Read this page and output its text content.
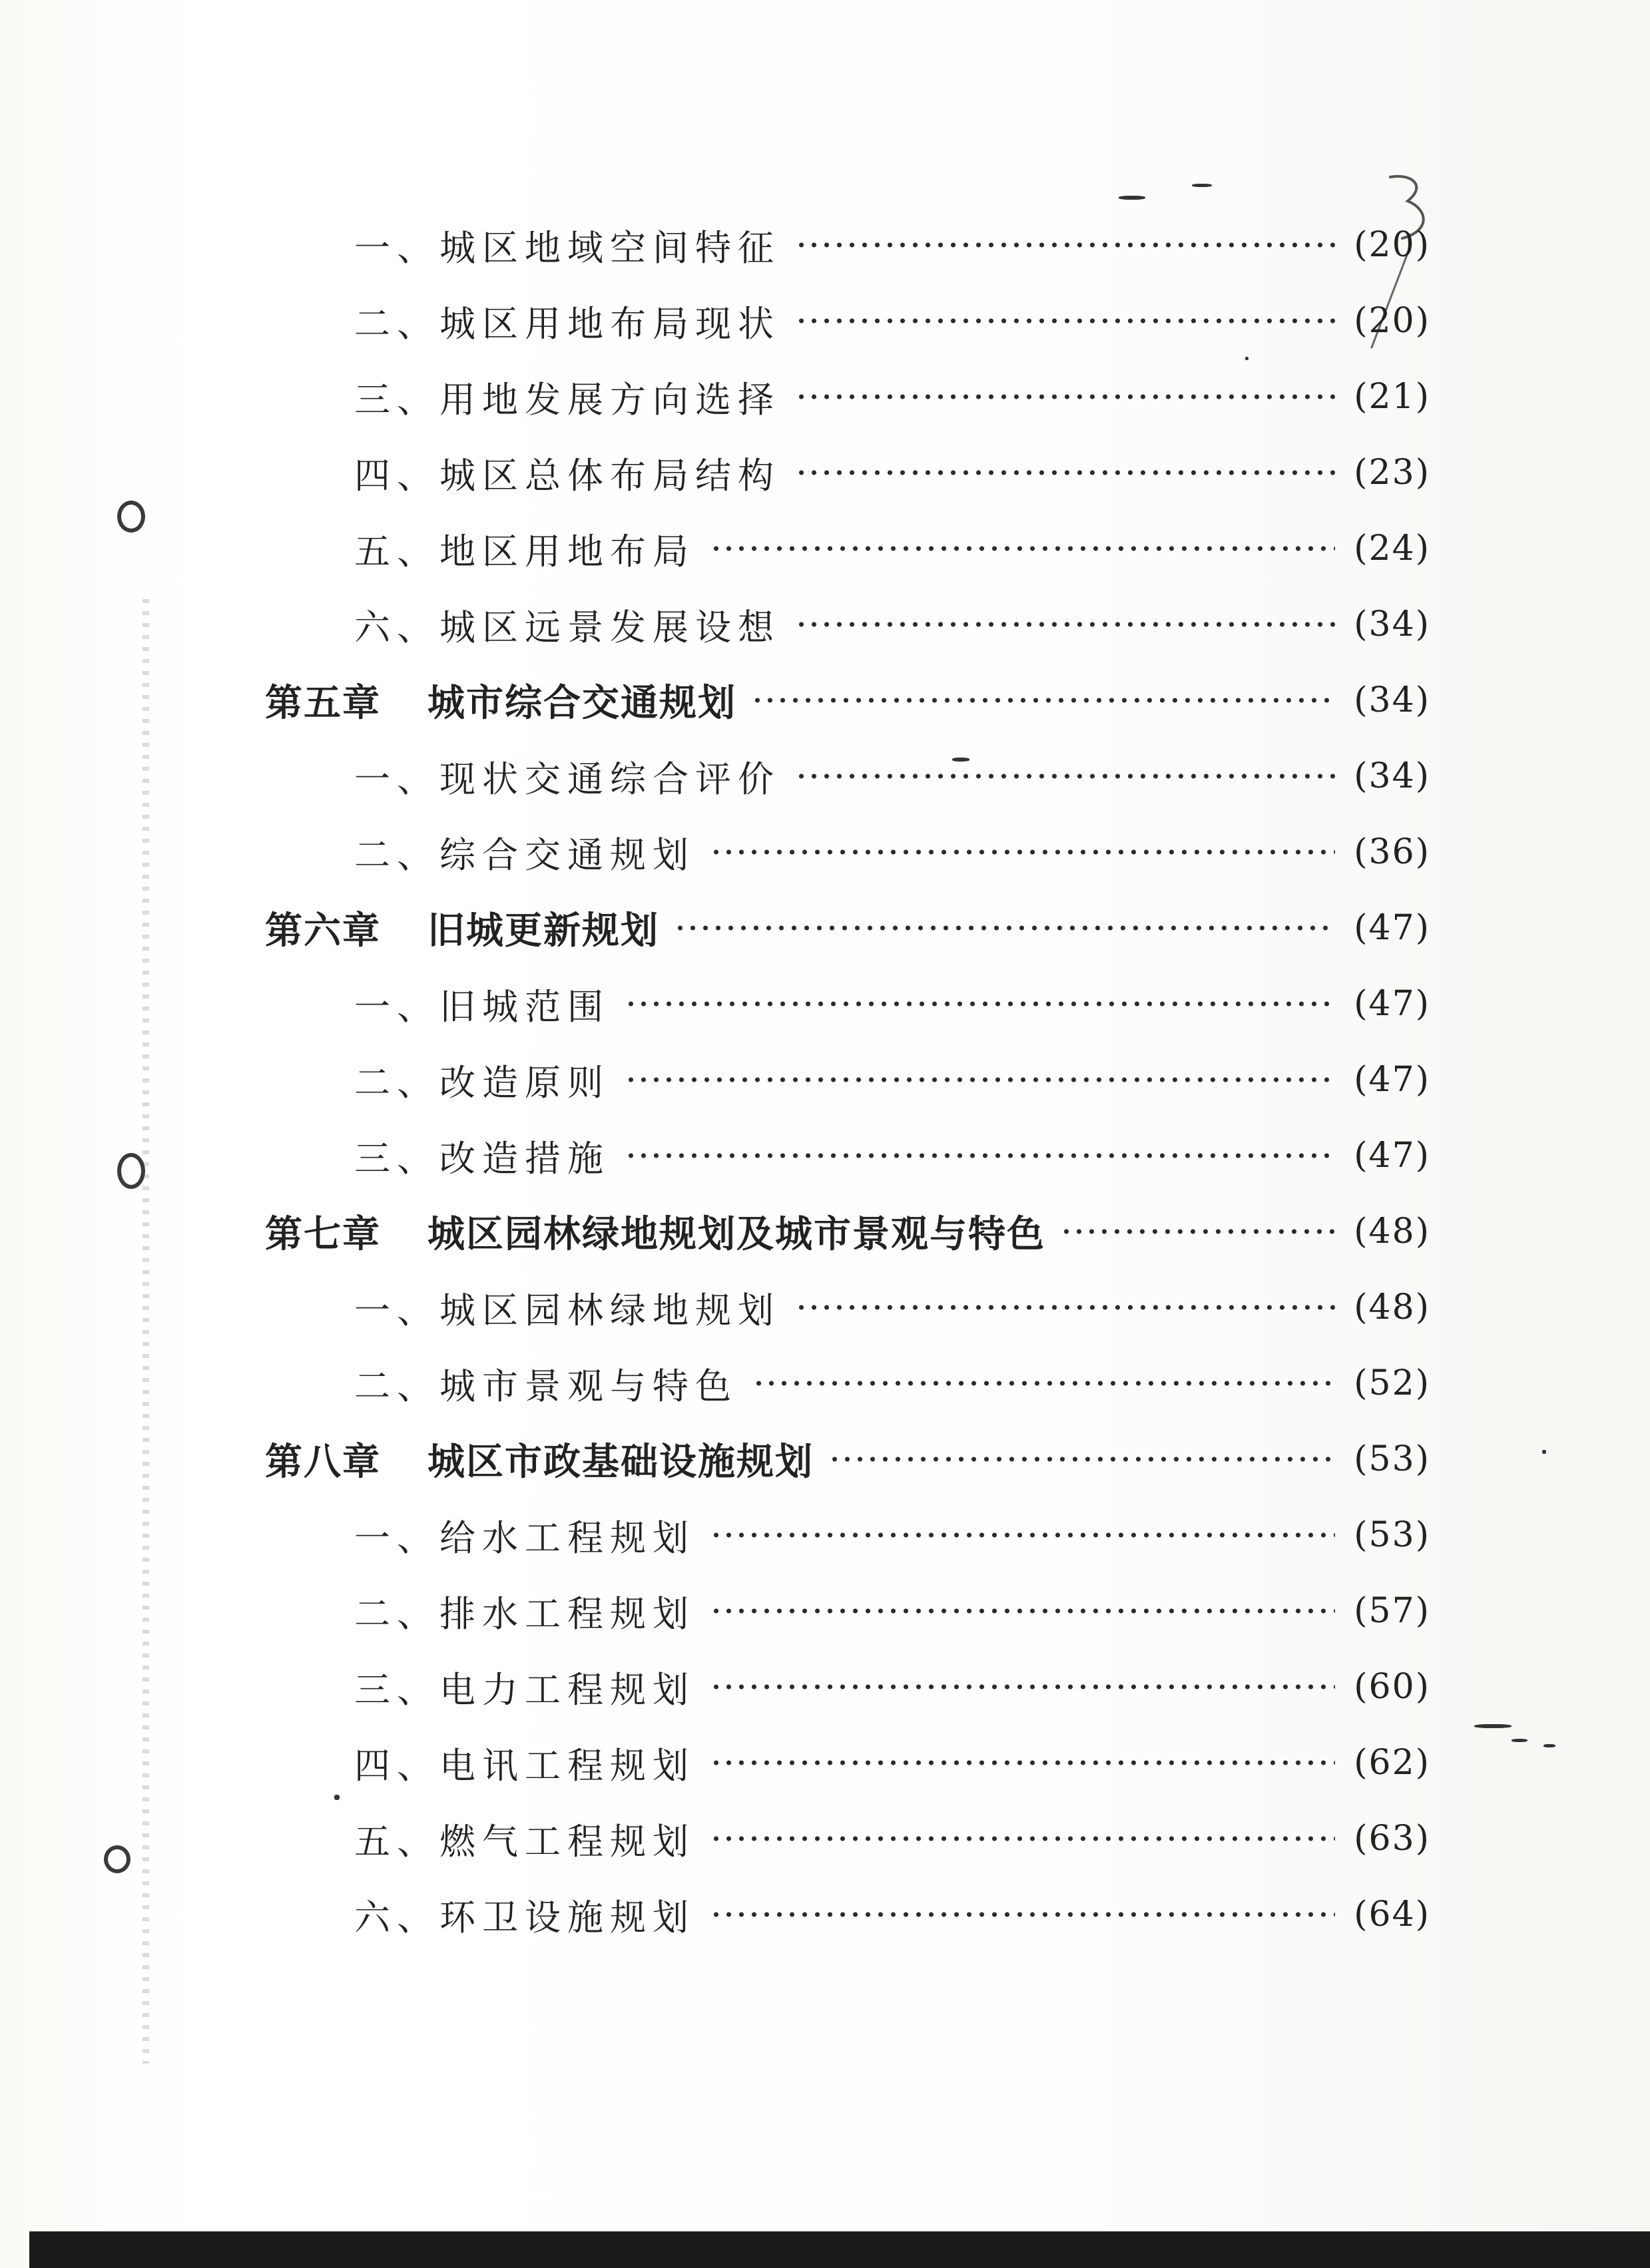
一、城区地域空间特征	(20)
二、城区用地布局现状	(20)
三、用地发展方向选择	(21)
四、城区总体布局结构	(23)
五、地区用地布局	(24)
六、城区远景发展设想	(34)
第五章 城市综合交通规划	(34)
一、现状交通综合评价	(34)
二、综合交通规划	(36)
第六章 旧城更新规划	(47)
一、旧城范围	(47)
二、改造原则	(47)
三、改造措施	(47)
第七章 城区园林绿地规划及城市景观与特色	(48)
一、城区园林绿地规划	(48)
二、城市景观与特色	(52)
第八章 城区市政基础设施规划	(53)
一、给水工程规划	(53)
二、排水工程规划	(57)
三、电力工程规划	(60)
四、电讯工程规划	(62)
五、燃气工程规划	(63)
六、环卫设施规划	(64)
